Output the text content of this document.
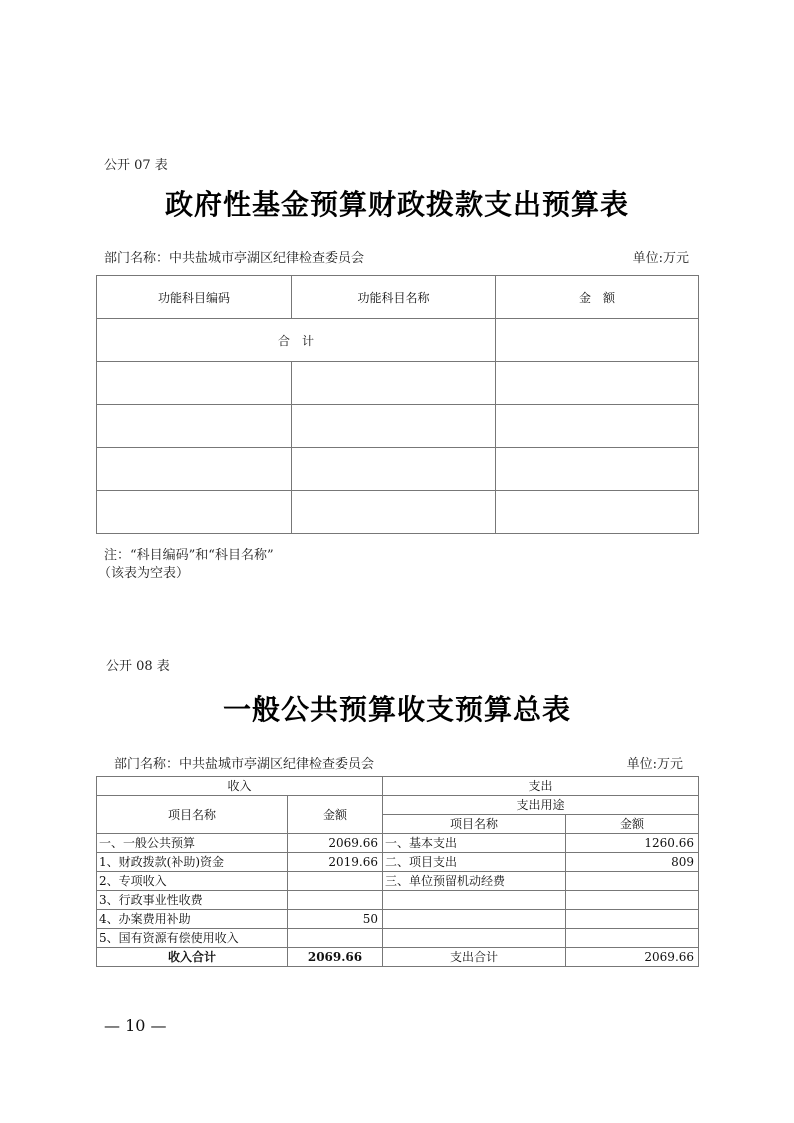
公开 07 表
政府性基金预算财政拨款支出预算表
部门名称：中共盐城市亭湖区纪律检查委员会	单位:万元
功能科目编码	功能科目名称	金　额
合　计		

注：“科目编码”和“科目名称”
（该表为空表）
公开 08 表
一般公共预算收支预算总表
部门名称：中共盐城市亭湖区纪律检查委员会	单位:万元
收入		支出	
项目名称	金额	支出用途	
		项目名称	金额
一、一般公共预算	2069.66	一、基本支出	1260.66
1、财政拨款(补助)资金	2019.66	二、项目支出	809
2、专项收入		三、单位预留机动经费	
3、行政事业性收费			
4、办案费用补助	50		
5、国有资源有偿使用收入			
收入合计	2069.66	支出合计	2069.66
— 10 —
